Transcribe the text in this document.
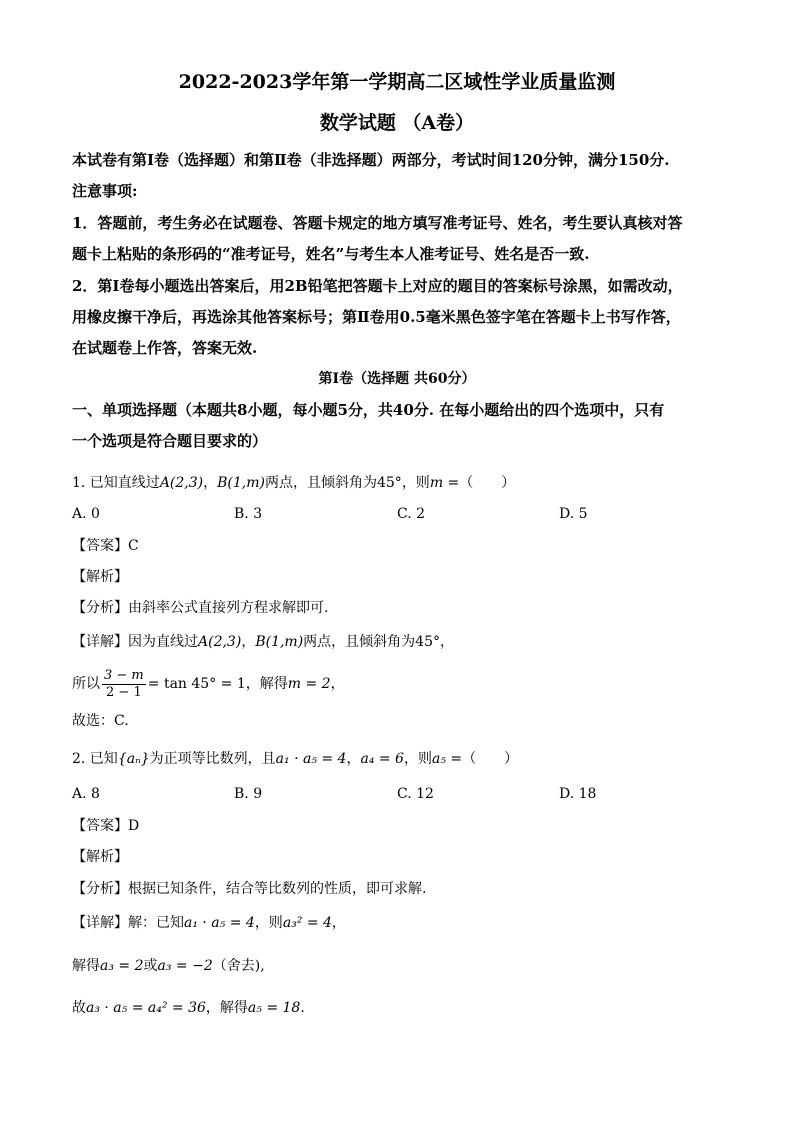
2022-2023学年第一学期高二区域性学业质量监测
数学试题 （A卷）
本试卷有第Ⅰ卷（选择题）和第Ⅱ卷（非选择题）两部分，考试时间120分钟，满分150分.
注意事项:
1．答题前，考生务必在试题卷、答题卡规定的地方填写准考证号、姓名，考生要认真核对答
题卡上粘贴的条形码的“准考证号，姓名”与考生本人准考证号、姓名是否一致.
2．第Ⅰ卷每小题选出答案后，用2B铅笔把答题卡上对应的题目的答案标号涂黑，如需改动，
用橡皮擦干净后，再选涂其他答案标号；第Ⅱ卷用0.5毫米黑色签字笔在答题卡上书写作答，
在试题卷上作答，答案无效.
第Ⅰ卷（选择题 共60分）
一、单项选择题（本题共8小题，每小题5分，共40分. 在每小题给出的四个选项中，只有
一个选项是符合题目要求的）
1. 已知直线过A(2,3)，B(1,m)两点，且倾斜角为45°，则m =（　　）
A. 0	B. 3	C. 2	D. 5
【答案】C
【解析】
【分析】由斜率公式直接列方程求解即可.
【详解】因为直线过A(2,3)，B(1,m)两点，且倾斜角为45°，
所以 $\frac{3 - m}{2 - 1} = \tan 45^\circ = 1$，解得m = 2，
故选：C.
2. 已知{aₙ}为正项等比数列，且a₁ · a₅ = 4，a₄ = 6，则a₅ =（　　）
A. 8	B. 9	C. 12	D. 18
【答案】D
【解析】
【分析】根据已知条件，结合等比数列的性质，即可求解.
【详解】解：已知a₁ · a₅ = 4，则a₃² = 4，
解得a₃ = 2或a₃ = −2（舍去),
故a₃ · a₅ = a₄² = 36，解得a₅ = 18.
